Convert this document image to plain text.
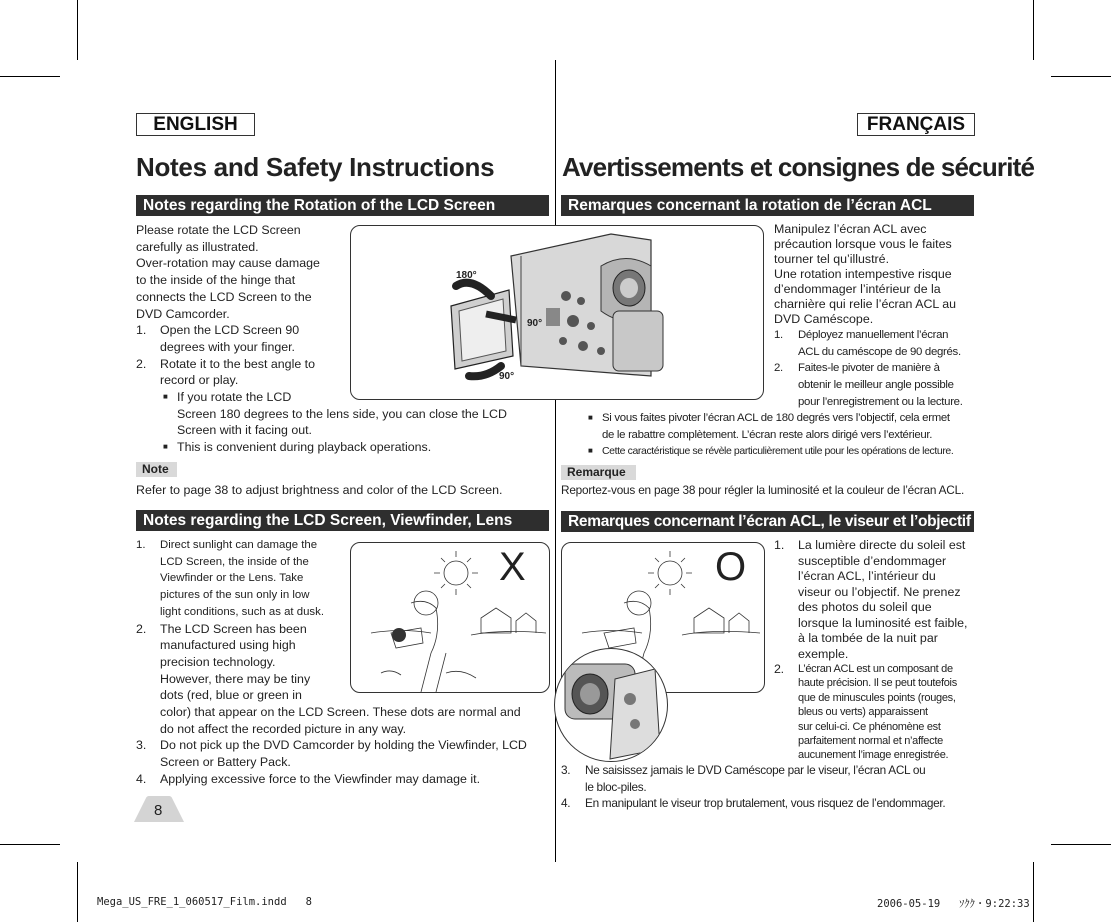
ENGLISH	FRANÇAIS
Notes and Safety Instructions	Avertissements et consignes de sécurité
Notes regarding the Rotation of the LCD Screen	Remarques concernant la rotation de l’écran ACL
Notes regarding the LCD Screen, Viewfinder, Lens	Remarques concernant l’écran ACL, le viseur et l’objectif

Please rotate the LCD Screen

carefully as illustrated.

Over-rotation may cause damage

to the inside of the hinge that

connects the LCD Screen to the

DVD Camcorder.

1. Open the LCD Screen 90

degrees with your finger.

2. Rotate it to the best angle to

record or play.

■ If you rotate the LCD

Screen 180 degrees to the lens side, you can close the LCD

Screen with it facing out.

■ This is convenient during playback operations.

Note
Refer to page 38 to adjust brightness and color of the LCD Screen.
180°
90°
90°

Manipulez l’écran ACL avec

précaution lorsque vous le faites

tourner tel qu’illustré.

Une rotation intempestive risque

d’endommager l’intérieur de la

charnière qui relie l’écran ACL au

DVD Caméscope.

1. Déployez manuellement l’écran

ACL du caméscope de 90 degrés.

2. Faites-le pivoter de manière à

obtenir le meilleur angle possible

pour l’enregistrement ou la lecture.

■ Si vous faites pivoter l’écran ACL de 180 degrés vers l’objectif, cela ermet

de le rabattre complètement. L’écran reste alors dirigé vers l’extérieur.

■ Cette caractéristique se révèle particulièrement utile pour les opérations de lecture.

Remarque
Reportez-vous en page 38 pour régler la luminosité et la couleur de l’écran ACL.
1. Direct sunlight can damage the

LCD Screen, the inside of the

Viewfinder or the Lens. Take

pictures of the sun only in low

light conditions, such as at dusk.

2. The LCD Screen has been

manufactured using high

precision technology.

However, there may be tiny

dots (red, blue or green in

color) that appear on the LCD Screen. These dots are normal and

do not affect the recorded picture in any way.

3. Do not pick up the DVD Camcorder by holding the Viewfinder, LCD

Screen or Battery Pack.

4. Applying excessive force to the Viewfinder may damage it.

X	O 1. La lumière directe du soleil est

susceptible d’endommager

l’écran ACL, l’intérieur du

viseur ou l’objectif. Ne prenez

des photos du soleil que

lorsque la luminosité est faible,

à la tombée de la nuit par

exemple.

2. L’écran ACL est un composant de

haute précision. Il se peut toutefois

que de minuscules points (rouges,

bleus ou verts) apparaissent

sur celui-ci. Ce phénomène est

parfaitement normal et n’affecte

aucunement l’image enregistrée.

3. Ne saisissez jamais le DVD Caméscope par le viseur, l’écran ACL ou

le bloc-piles.

4. En manipulant le viseur trop brutalement, vous risquez de l’endommager.

8
Mega_US_FRE_1_060517_Film.indd   8	2006-05-19   ｿｸｸ・9:22:33
